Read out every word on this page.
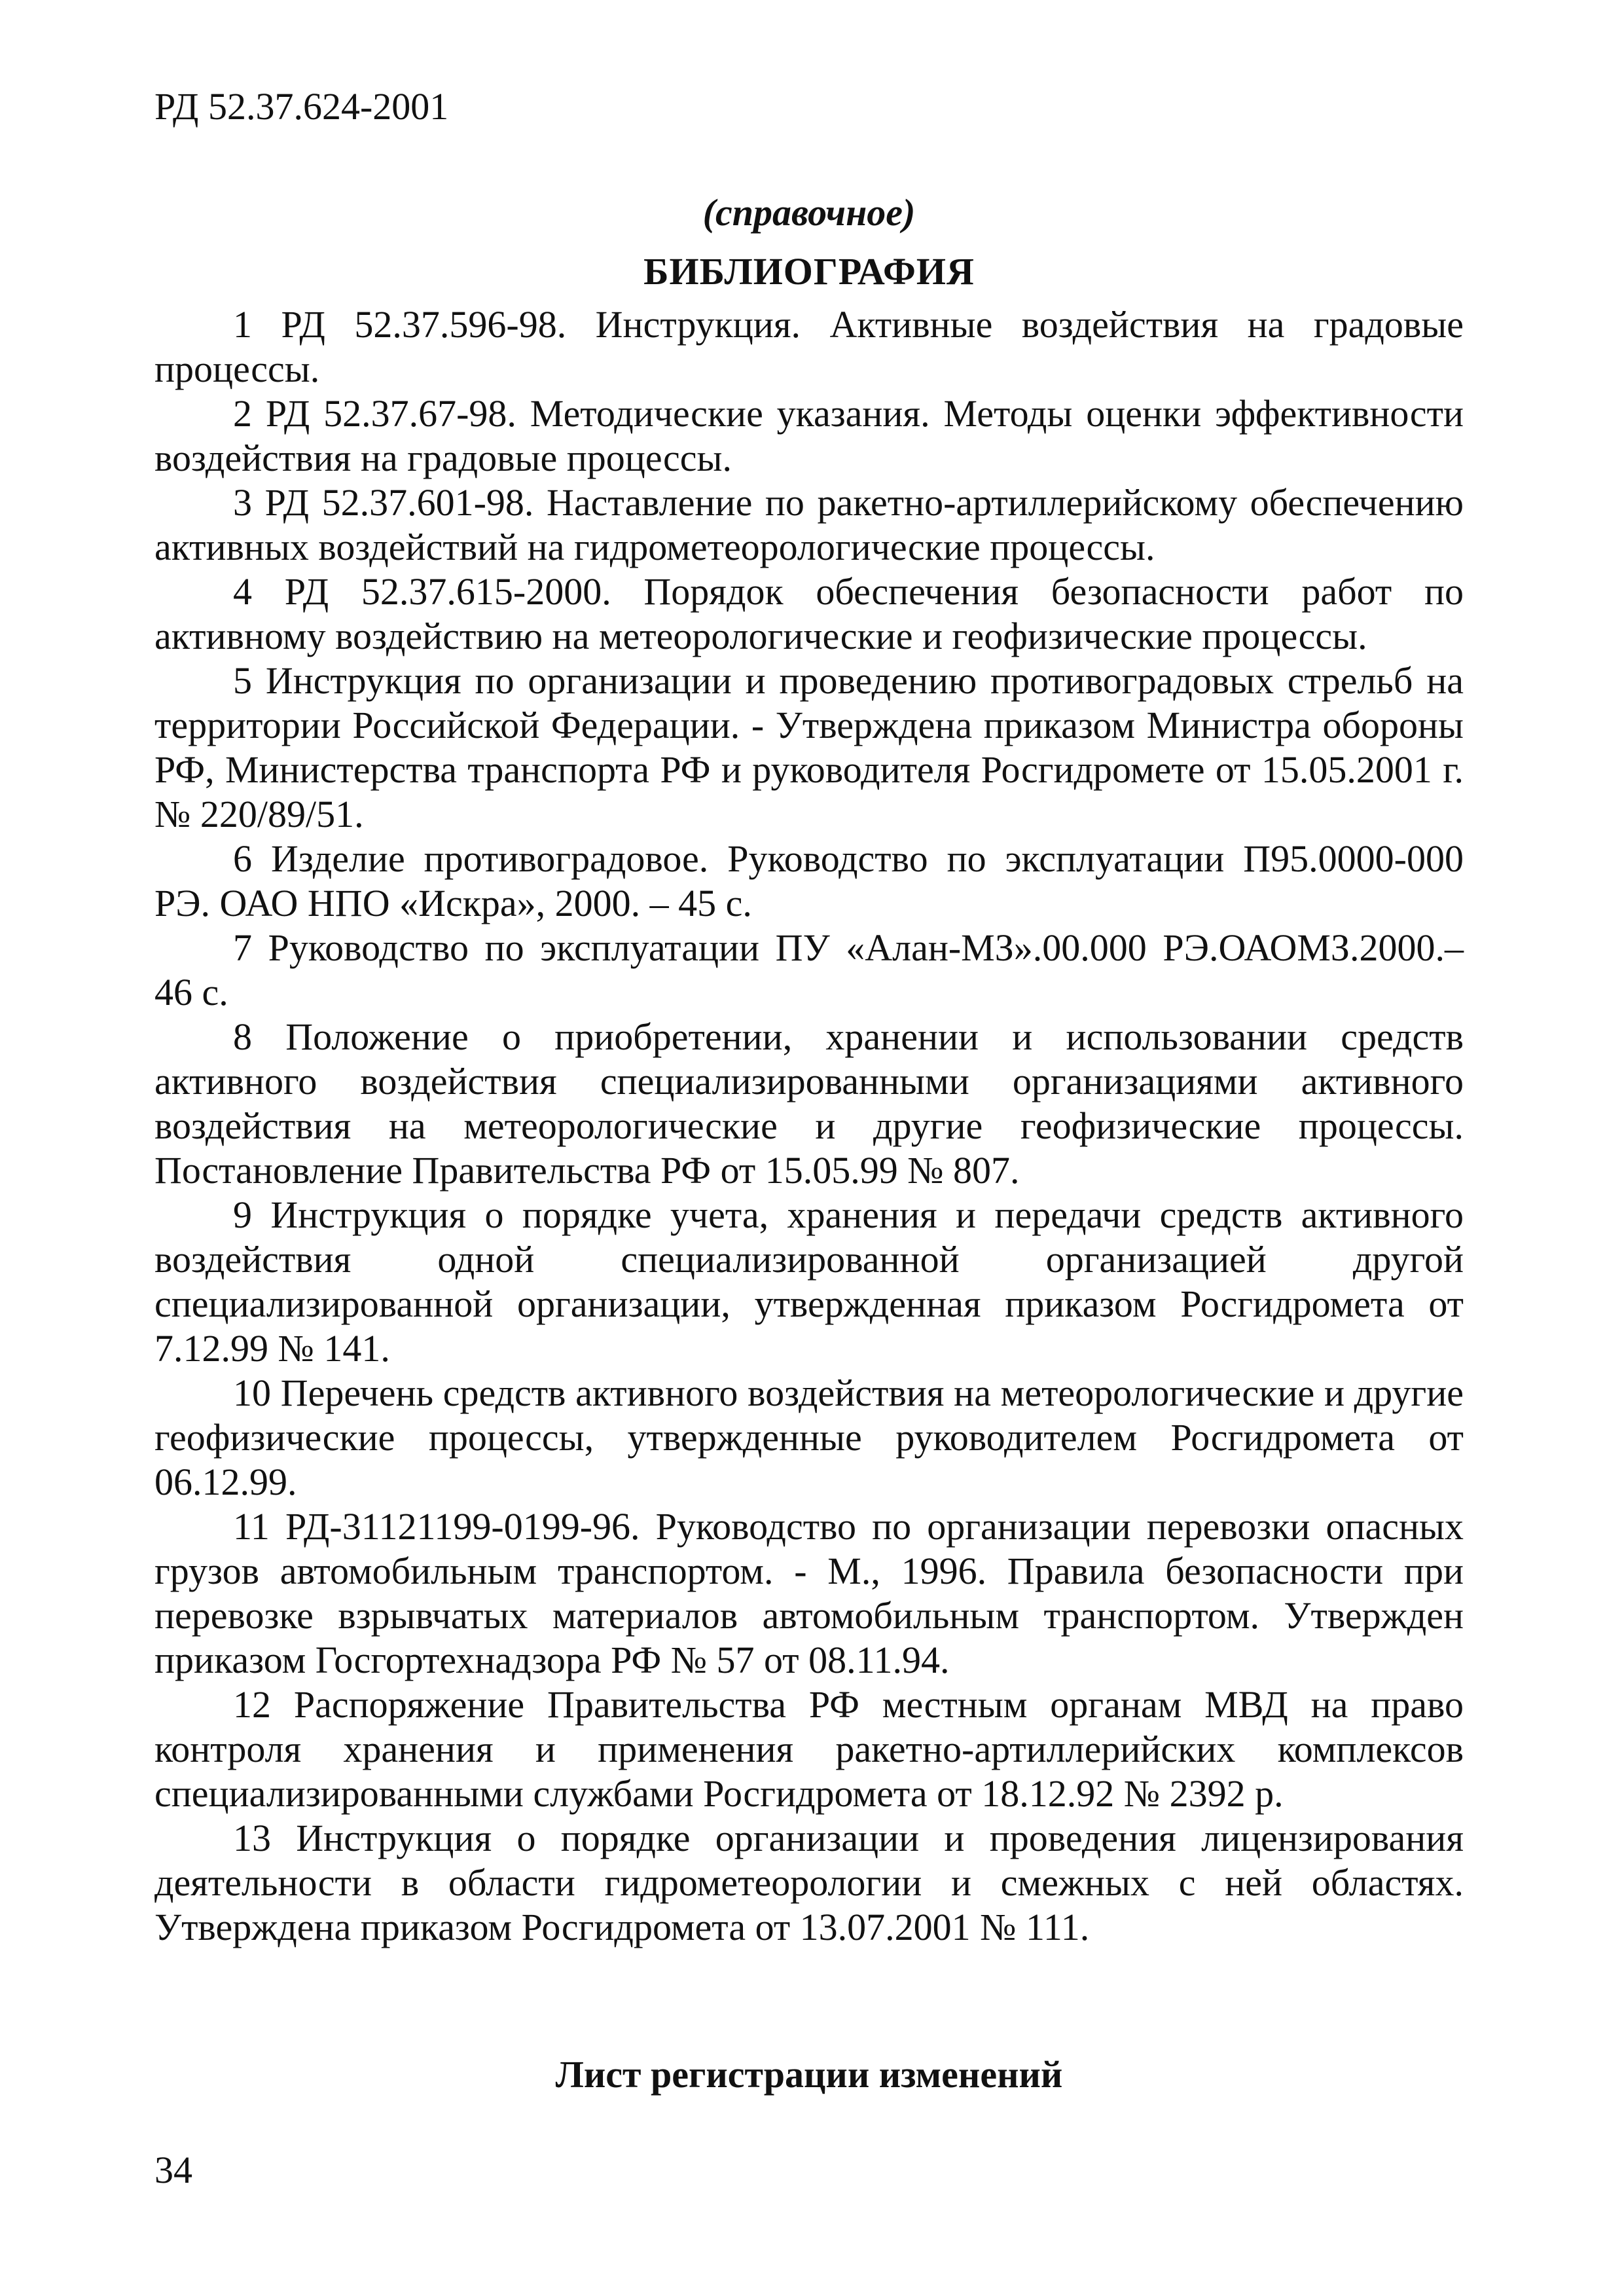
РД 52.37.624-2001
(справочное)
БИБЛИОГРАФИЯ

1 РД 52.37.596-98. Инструкция. Активные воздействия на градовые процессы.

2 РД 52.37.67-98. Методические указания. Методы оценки эффективности воздействия на градовые процессы.

3 РД 52.37.601-98. Наставление по ракетно-артиллерийскому обеспечению активных воздействий на гидрометеорологические процессы.

4 РД 52.37.615-2000. Порядок обеспечения безопасности работ по активному воздействию на метеорологические и геофизические процессы.

5 Инструкция по организации и проведению противоградовых стрельб на территории Российской Федерации. - Утверждена приказом Министра обороны РФ, Министерства транспорта РФ и руководителя Росгидромете от 15.05.2001 г. № 220/89/51.

6 Изделие противоградовое. Руководство по эксплуатации П95.0000-000 РЭ. ОАО НПО «Искра», 2000. – 45 с.

7 Руководство по эксплуатации ПУ «Алан-МЗ».00.000 РЭ.ОАОМЗ.2000.– 46 с.

8 Положение о приобретении, хранении и использовании средств активного воздействия специализированными организациями активного воздействия на метеорологические и другие геофизические процессы. Постановление Правительства РФ от 15.05.99 № 807.

9 Инструкция о порядке учета, хранения и передачи средств активного воздействия одной специализированной организацией другой специализированной организации, утвержденная приказом Росгидромета от 7.12.99 № 141.

10 Перечень средств активного воздействия на метеорологические и другие геофизические процессы, утвержденные руководителем Росгидромета от 06.12.99.

11 РД-31121199-0199-96. Руководство по организации перевозки опасных грузов автомобильным транспортом. - М., 1996. Правила безопасности при перевозке взрывчатых материалов автомобильным транспортом. Утвержден приказом Госгортехнадзора РФ № 57 от 08.11.94.

12 Распоряжение Правительства РФ местным органам МВД на право контроля хранения и применения ракетно-артиллерийских комплексов специализированными службами Росгидромета от 18.12.92 № 2392 р.

13 Инструкция о порядке организации и проведения лицензирования деятельности в области гидрометеорологии и смежных с ней областях. Утверждена приказом Росгидромета от 13.07.2001 № 111.

Лист регистрации изменений
34
